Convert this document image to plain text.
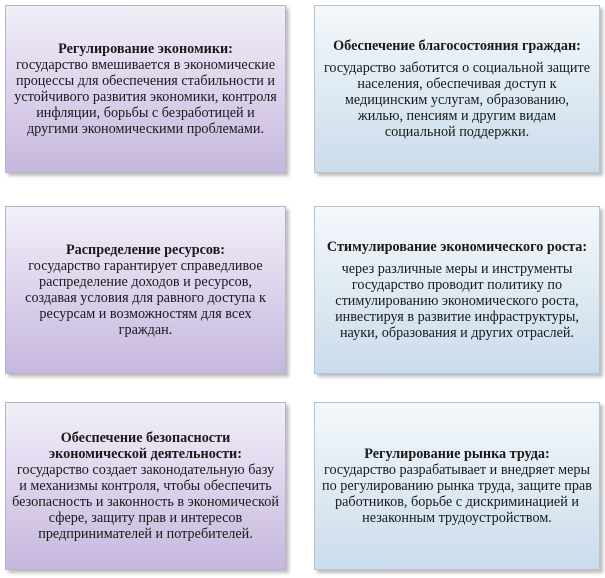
Регулирование экономики:
государство вмешивается в экономические процессы для обеспечения стабильности и устойчивого развития экономики, контроля инфляции, борьбы с безработицей и другими экономическими проблемами.
Обеспечение благосостояния граждан:
государство заботится о социальной защите населения, обеспечивая доступ к медицинским услугам, образованию, жилью, пенсиям и другим видам социальной поддержки.
Распределение ресурсов:
государство гарантирует справедливое распределение доходов и ресурсов, создавая условия для равного доступа к ресурсам и возможностям для всех граждан.
Стимулирование экономического роста:
через различные меры и инструменты государство проводит политику по стимулированию экономического роста, инвестируя в развитие инфраструктуры, науки, образования и других отраслей.
Обеспечение безопасности экономической деятельности:
государство создает законодательную базу и механизмы контроля, чтобы обеспечить безопасность и законность в экономической сфере, защиту прав и интересов предпринимателей и потребителей.
Регулирование рынка труда:
государство разрабатывает и внедряет меры по регулированию рынка труда, защите прав работников, борьбе с дискриминацией и незаконным трудоустройством.
